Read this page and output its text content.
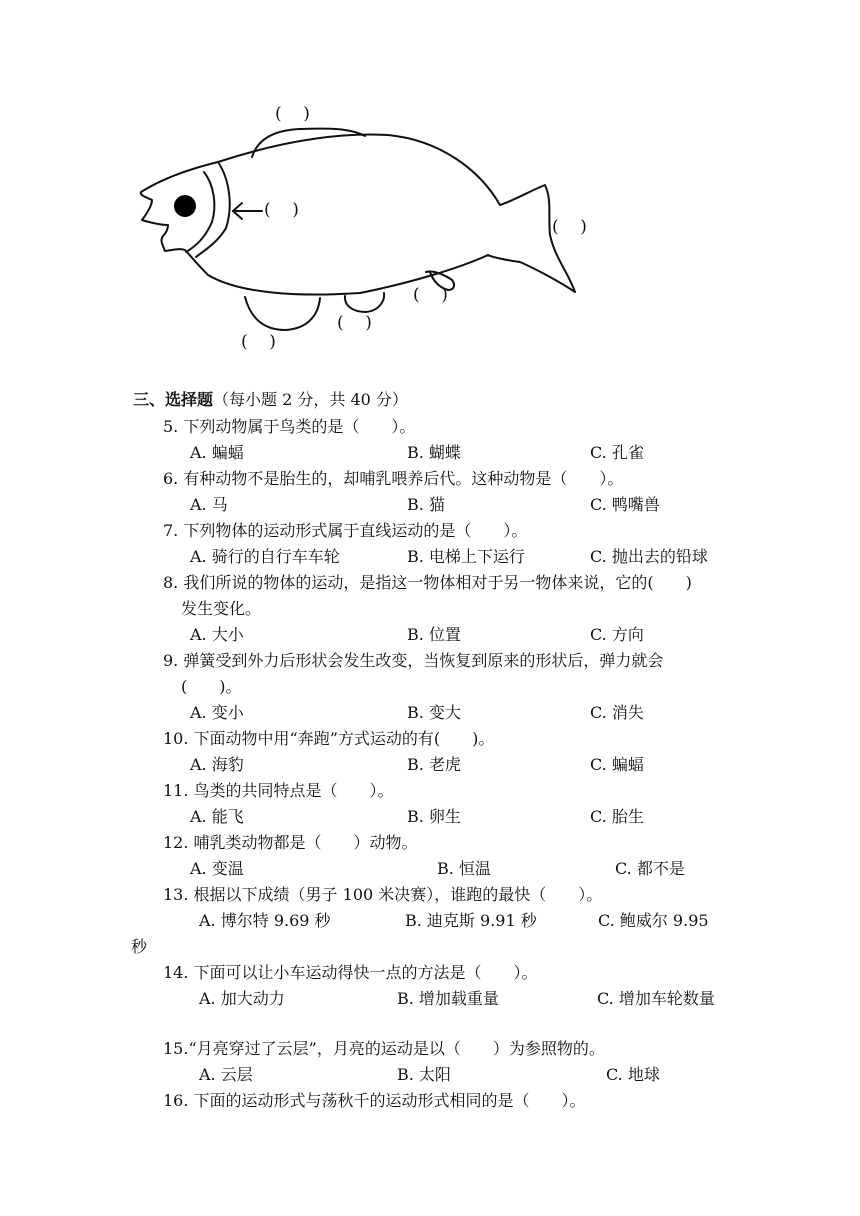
(    )
(    )
(    )
(    )
(    )
(    )
三、选择题（每小题 2 分，共 40 分）
5. 下列动物属于鸟类的是（　　）。
A. 蝙蝠	B. 蝴蝶	C. 孔雀
6. 有种动物不是胎生的，却哺乳喂养后代。这种动物是（　　）。
A. 马	B. 猫	C. 鸭嘴兽
7. 下列物体的运动形式属于直线运动的是（　　）。
A. 骑行的自行车车轮	B. 电梯上下运行	C. 抛出去的铅球
8. 我们所说的物体的运动，是指这一物体相对于另一物体来说，它的(　　)
发生变化。
A. 大小	B. 位置	C. 方向
9. 弹簧受到外力后形状会发生改变，当恢复到原来的形状后，弹力就会
(　　)。
A. 变小	B. 变大	C. 消失
10. 下面动物中用“奔跑”方式运动的有(　　)。
A. 海豹	B. 老虎	C. 蝙蝠
11. 鸟类的共同特点是（　　）。
A. 能飞	B. 卵生	C. 胎生
12. 哺乳类动物都是（　　）动物。
A. 变温	B. 恒温	C. 都不是
13. 根据以下成绩（男子 100 米决赛），谁跑的最快（　　）。
A. 博尔特 9.69 秒	B. 迪克斯 9.91 秒	C. 鲍威尔 9.95
秒
14. 下面可以让小车运动得快一点的方法是（　　）。
A. 加大动力	B. 增加载重量	C. 增加车轮数量
15.“月亮穿过了云层”，月亮的运动是以（　　）为参照物的。
A. 云层	B. 太阳	C. 地球
16. 下面的运动形式与荡秋千的运动形式相同的是（　　）。
